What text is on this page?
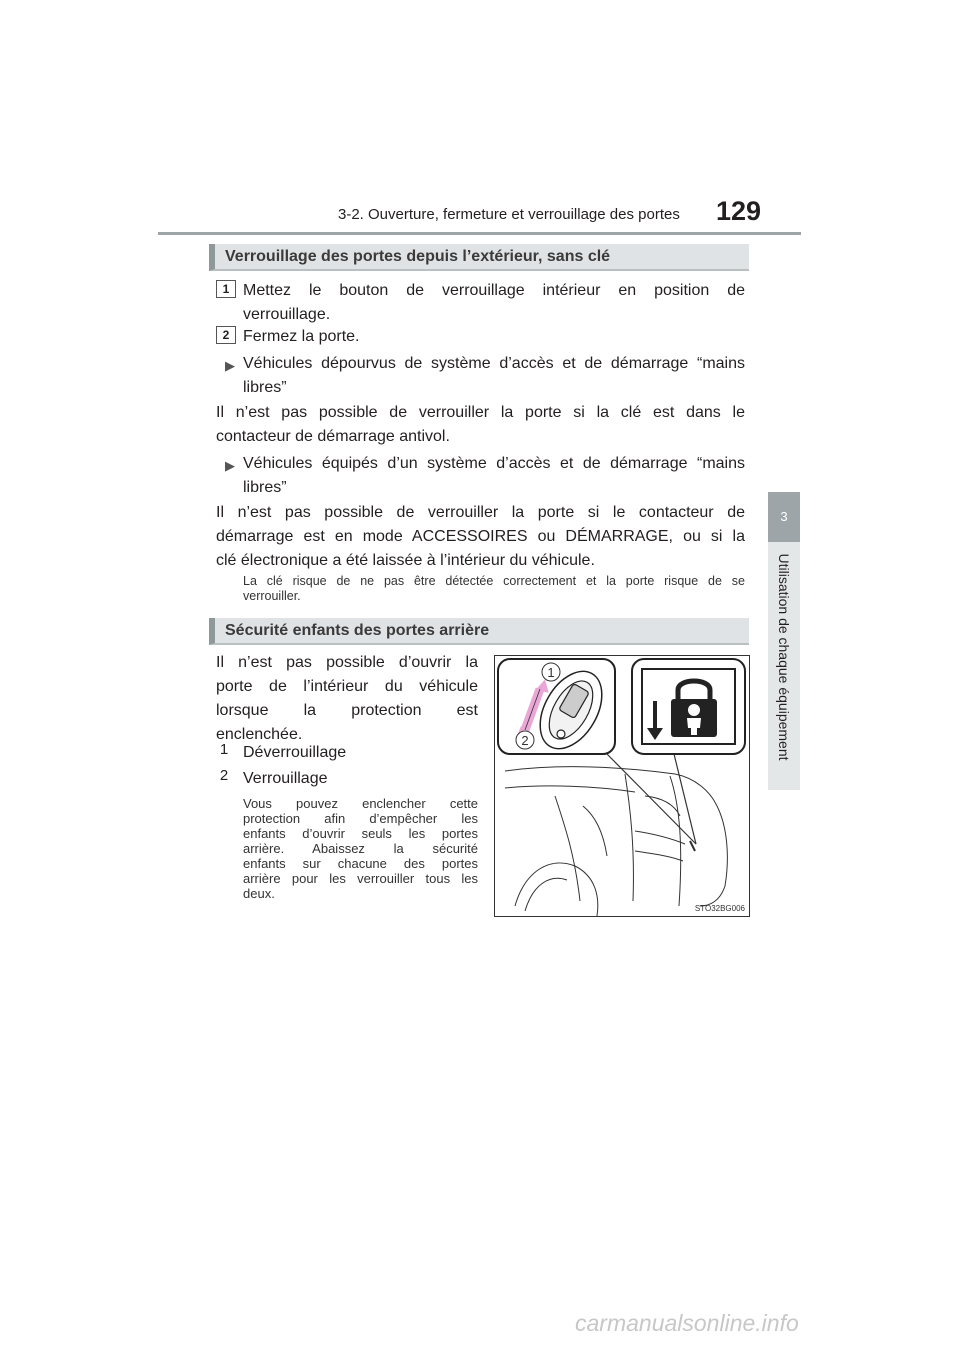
3-2. Ouverture, fermeture et verrouillage des portes 129
3
Utilisation de chaque équipement
Verrouillage des portes depuis l’extérieur, sans clé
1 Mettez le bouton de verrouillage intérieur en position de
verrouillage.
2 Fermez la porte.
▶ Véhicules dépourvus de système d’accès et de démarrage “mains
libres”
Il n’est pas possible de verrouiller la porte si la clé est dans le
contacteur de démarrage antivol.
▶ Véhicules équipés d’un système d’accès et de démarrage “mains
libres”
Il n’est pas possible de verrouiller la porte si le contacteur de
démarrage est en mode ACCESSOIRES ou DÉMARRAGE, ou si la
clé électronique a été laissée à l’intérieur du véhicule.
La clé risque de ne pas être détectée correctement et la porte risque de se
verrouiller.
Sécurité enfants des portes arrière
Il n’est pas possible d’ouvrir la
porte de l’intérieur du véhicule
lorsque la protection est
enclenchée.
1 Déverrouillage
2 Verrouillage
Vous pouvez enclencher cette
protection afin d’empêcher les
enfants d’ouvrir seuls les portes
arrière. Abaissez la sécurité
enfants sur chacune des portes
arrière pour les verrouiller tous les
deux.
1
2
STO32BG006
carmanualsonline.info
